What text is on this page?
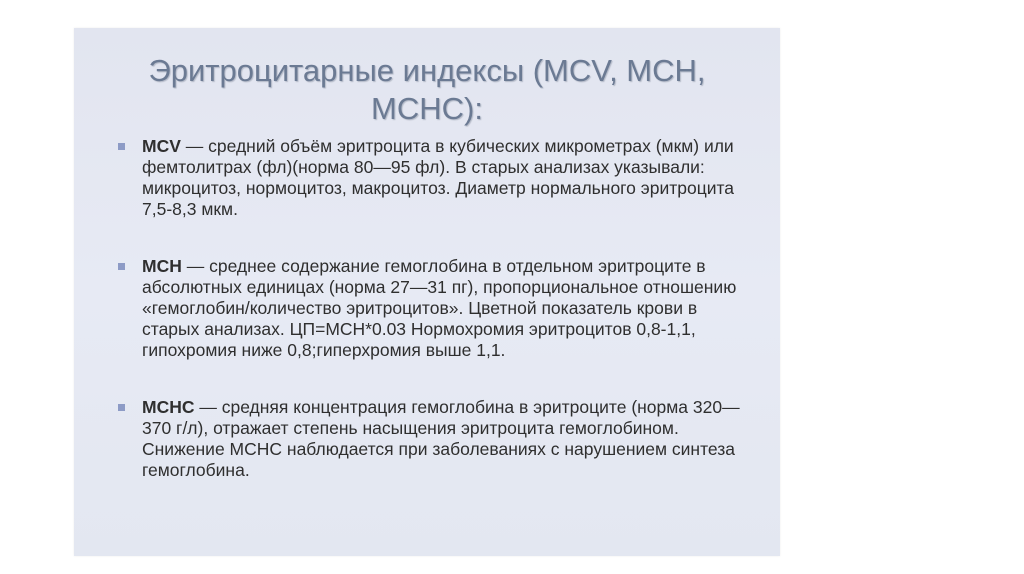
Эритроцитарные индексы (MCV, MCH, MCHC):
MCV — средний объём эритроцита в кубических микрометрах (мкм) или фемтолитрах (фл)(норма 80—95 фл). В старых анализах указывали: микроцитоз, нормоцитоз, макроцитоз. Диаметр нормального эритроцита 7,5-8,3 мкм.
MCH — среднее содержание гемоглобина в отдельном эритроците в абсолютных единицах (норма 27—31 пг), пропорциональное отношению «гемоглобин/количество эритроцитов». Цветной показатель крови в старых анализах. ЦП=MCH*0.03 Нормохромия эритроцитов 0,8-1,1, гипохромия ниже 0,8;гиперхромия выше 1,1.
MCHC — средняя концентрация гемоглобина в эритроците (норма 320—370 г/л), отражает степень насыщения эритроцита гемоглобином. Снижение MCHC наблюдается при заболеваниях с нарушением синтеза гемоглобина.
